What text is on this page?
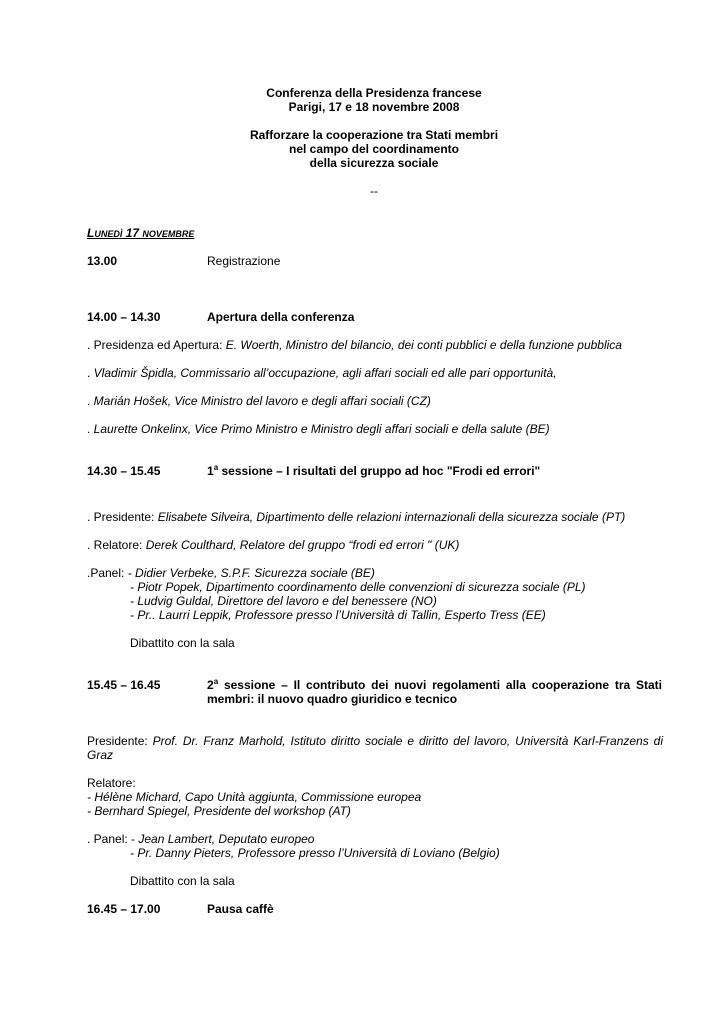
Conferenza della Presidenza francese
Parigi, 17 e 18 novembre 2008
Rafforzare la cooperazione tra Stati membri
nel campo del coordinamento
della sicurezza sociale
--
LUNEDÌ 17 NOVEMBRE
13.00	Registrazione
14.00 – 14.30	Apertura della conferenza
. Presidenza ed Apertura: E. Woerth, Ministro del bilancio, dei conti pubblici e della funzione pubblica
. Vladimir Špidla, Commissario all’occupazione, agli affari sociali ed alle pari opportunità,
. Marián Hošek, Vice Ministro del lavoro e degli affari sociali (CZ)
. Laurette Onkelinx, Vice Primo Ministro e Ministro degli affari sociali e della salute (BE)
14.30 – 15.45	1$^a$ sessione – I risultati del gruppo ad hoc "Frodi ed errori"
. Presidente: Elisabete Silveira, Dipartimento delle relazioni internazionali della sicurezza sociale (PT)
. Relatore: Derek Coulthard, Relatore del gruppo “frodi ed errori " (UK)
.Panel: - Didier Verbeke, S.P.F. Sicurezza sociale (BE)
- Piotr Popek, Dipartimento coordinamento delle convenzioni di sicurezza sociale (PL)
- Ludvig Guldal, Direttore del lavoro e del benessere (NO)
- Pr.. Laurri Leppik, Professore presso l’Università di Tallin, Esperto Tress (EE)
Dibattito con la sala
15.45 – 16.45	2$^a$ sessione – Il contributo dei nuovi regolamenti alla cooperazione tra Stati
membri: il nuovo quadro giuridico e tecnico
Presidente: Prof. Dr. Franz Marhold, Istituto diritto sociale e diritto del lavoro, Università Karl-Franzens di
Graz
Relatore:
- Hélène Michard, Capo Unità aggiunta, Commissione europea
- Bernhard Spiegel, Presidente del workshop (AT)
. Panel: - Jean Lambert, Deputato europeo
- Pr. Danny Pieters, Professore presso l’Università di Loviano (Belgio)
Dibattito con la sala
16.45 – 17.00	Pausa caffè
